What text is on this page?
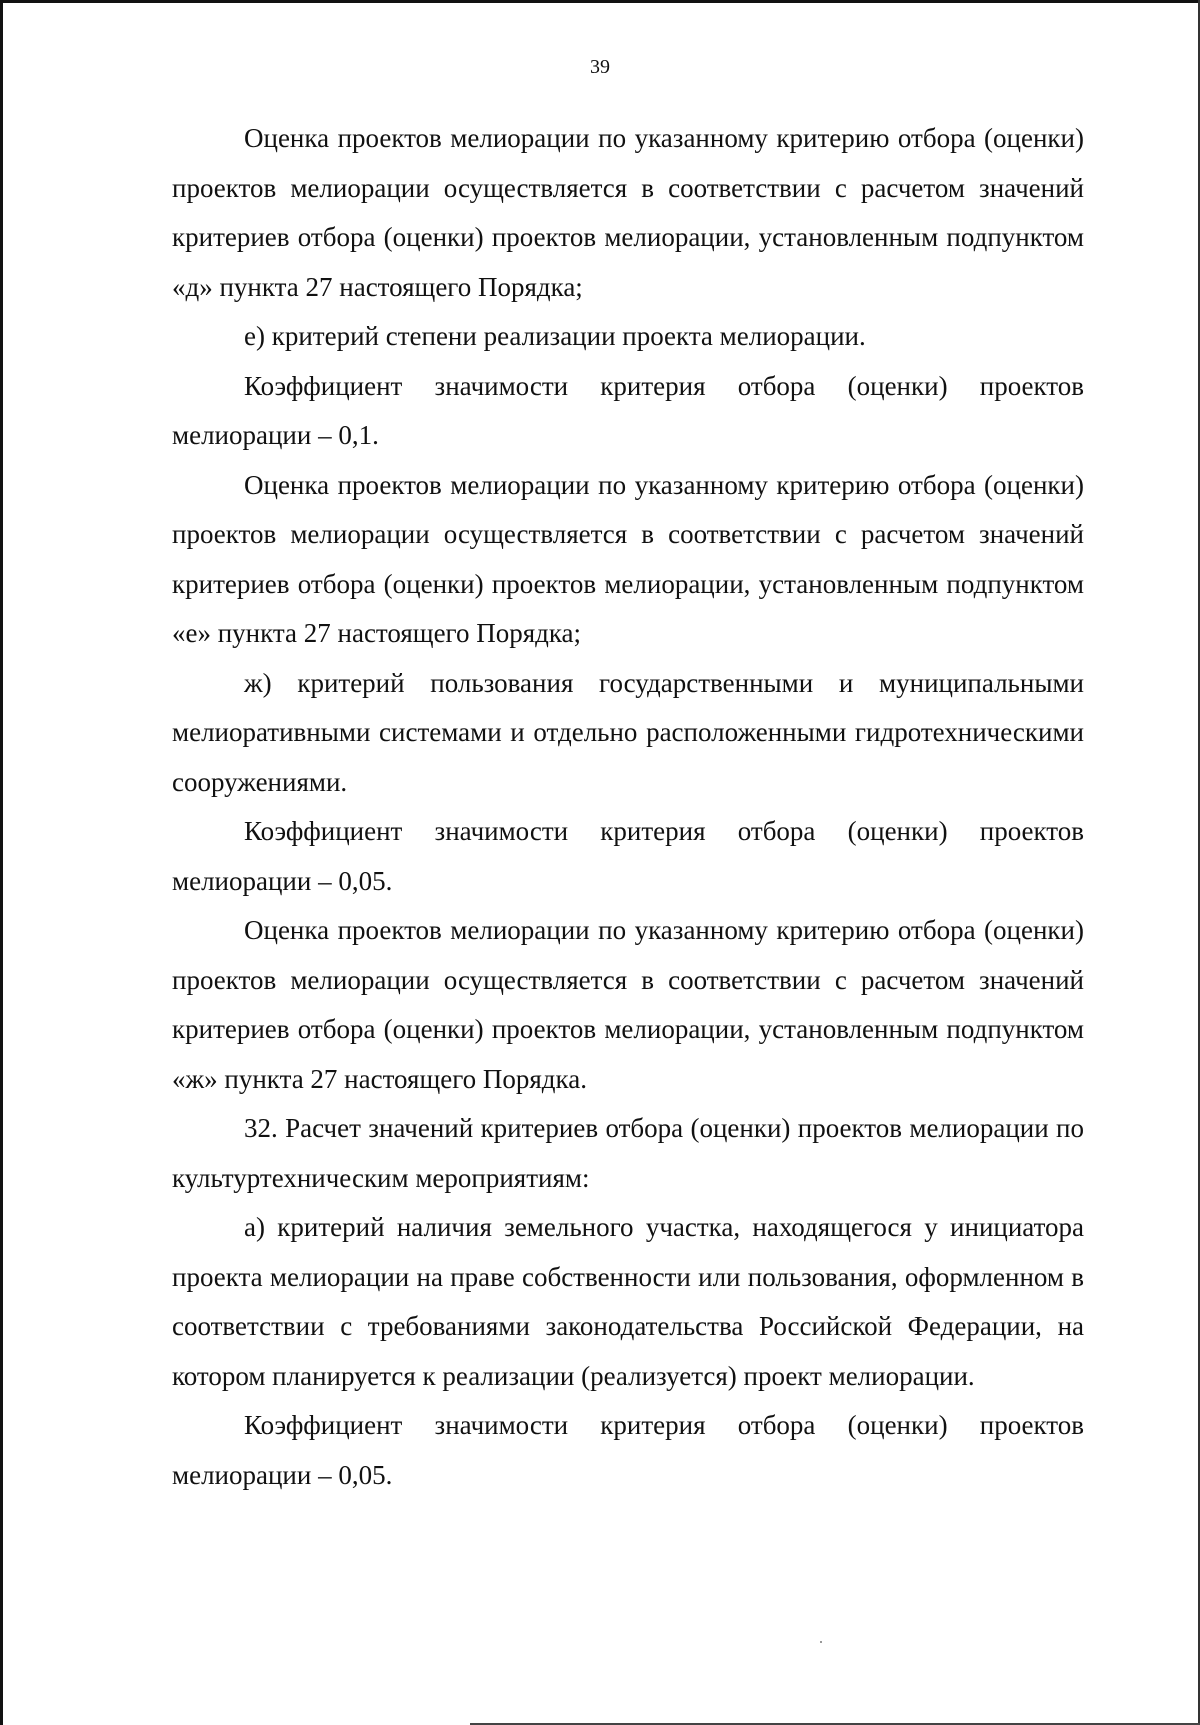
39

Оценка проектов мелиорации по указанному критерию отбора (оценки) проектов мелиорации осуществляется в соответствии с расчетом значений критериев отбора (оценки) проектов мелиорации, установленным подпунктом «д» пункта 27 настоящего Порядка;

е) критерий степени реализации проекта мелиорации.

Коэффициент значимости критерия отбора (оценки) проектов мелиорации – 0,1.

Оценка проектов мелиорации по указанному критерию отбора (оценки) проектов мелиорации осуществляется в соответствии с расчетом значений критериев отбора (оценки) проектов мелиорации, установленным подпунктом «е» пункта 27 настоящего Порядка;

ж) критерий пользования государственными и муниципальными мелиоративными системами и отдельно расположенными гидротехническими сооружениями.

Коэффициент значимости критерия отбора (оценки) проектов мелиорации – 0,05.

Оценка проектов мелиорации по указанному критерию отбора (оценки) проектов мелиорации осуществляется в соответствии с расчетом значений критериев отбора (оценки) проектов мелиорации, установленным подпунктом «ж» пункта 27 настоящего Порядка.

32. Расчет значений критериев отбора (оценки) проектов мелиорации по культуртехническим мероприятиям:

а) критерий наличия земельного участка, находящегося у инициатора проекта мелиорации на праве собственности или пользования, оформленном в соответствии с требованиями законодательства Российской Федерации, на котором планируется к реализации (реализуется) проект мелиорации.

Коэффициент значимости критерия отбора (оценки) проектов мелиорации – 0,05.
